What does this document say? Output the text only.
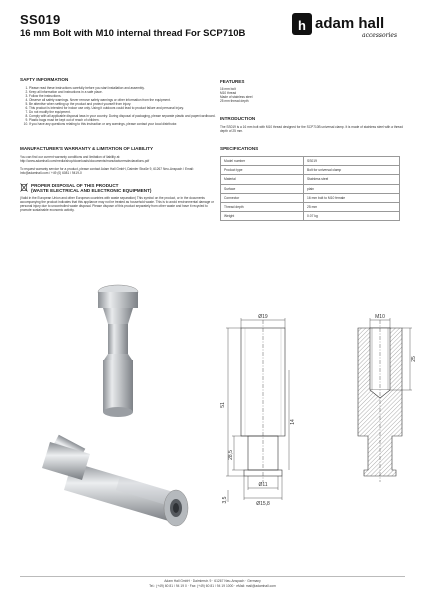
SS019
16 mm Bolt with M10 internal thread For SCP710B
h adam hall
accessories
SAFTY INFORMATION
1. Please read these instructions carefully before you start installation and assembly.
2. Keep all information and instructions in a safe place.
3. Follow the instructions.
4. Observe all safety warnings. Never remove safety warnings or other information from the equipment.
5. Be attentive when setting up the product and protect yourself from injury.
6. This product is intended for indoor use only. Using it outdoors could lead to product failure and personal injury.
7. Do not modify the equipment.
8. Comply with all applicable disposal laws in your country. During disposal of packaging, please separate plastic and paper/cardboard.
9. Plastic bags must be kept out of reach of children.
10. If you have any questions relating to this instruction or any warnings, please contact your local distributor.
MANUFACTURER'S WARRANTY & LIMITATION OF LIABILITY
You can find our current warranty conditions and limitation of liability at: http://www.adamhall.com/media/shop/downloads/documents/manufacturersdeclarations.pdf
To request warranty service for a product, please contact Adam Hall GmbH, Daimler Straße 9, 61267 Neu-Anspach / Email: Info@adamhall.com / +49 (0) 6081 / 9419-0
PROPER DISPOSAL OF THIS PRODUCT
(WASTE ELECTRICAL AND ELECTRONIC EQUIPMENT)
(Valid in the European Union and other European countries with waste separation) This symbol on the product, or in the documents accompanying the product indicates that this appliance may not be treated as household waste. This is to avoid environmental damage or personal injury due to uncontrolled waste disposal. Please dispose of this product separately from other waste and have it recycled to promote sustainable economic activity.
FEATURES
16 mm bolt
M10 thread
Made of stainless steel
25 mm thread depth
INTRODUCTION
The SS019 is a 16 mm bolt with M10 thread designed for the SCP710B universal clamp. It is made of stainless steel with a thread depth of 25 mm.
SPECIFICATIONS
Model number	SS019
Product type	Bolt for universal clamp
Material	Stainless steel
Surface	plain
Connector	16 mm bolt to M10 female
Thread depth	25 mm
Weight	0.07 kg
Ø19
51
28,5
14
3,5
Ø11
Ø15,8
M10
25
Adam Hall GmbH · Daimlerstr. 9 · 61267 Neu-Anspach · Germany
Tel.: (+49) 60 81 / 94 19 0 · Fax: (+49) 60 81 / 94 19 1000 · eMail: mail@adamhall.com
